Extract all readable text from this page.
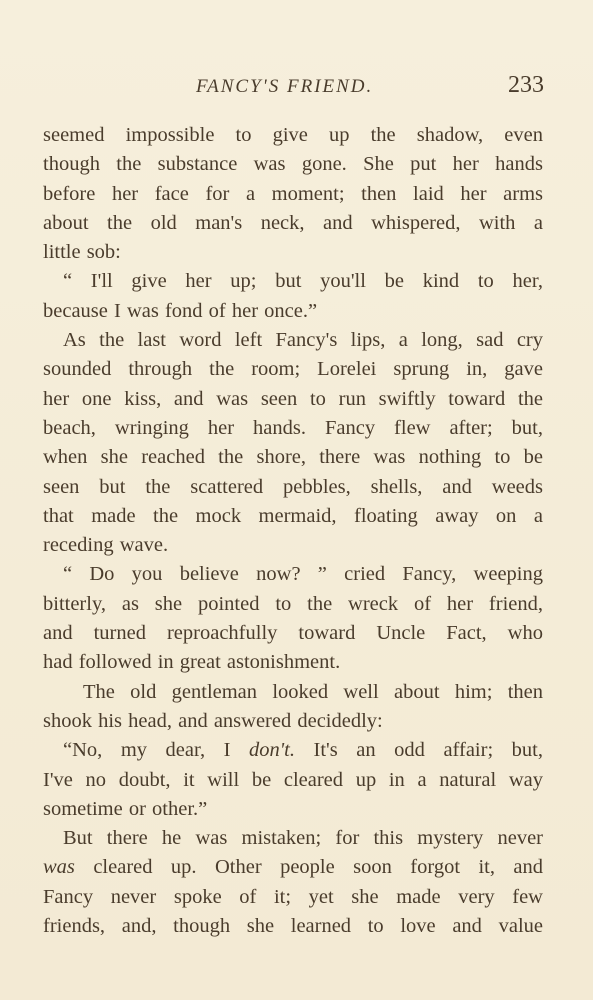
FANCY'S FRIEND.	233
seemed impossible to give up the shadow, even
though the substance was gone. She put her hands
before her face for a moment; then laid her arms
about the old man's neck, and whispered, with a
little sob:
“ I'll give her up; but you'll be kind to her,
because I was fond of her once.”
As the last word left Fancy's lips, a long, sad cry
sounded through the room; Lorelei sprung in, gave
her one kiss, and was seen to run swiftly toward the
beach, wringing her hands. Fancy flew after; but,
when she reached the shore, there was nothing to be
seen but the scattered pebbles, shells, and weeds
that made the mock mermaid, floating away on a
receding wave.
“ Do you believe now? ” cried Fancy, weeping
bitterly, as she pointed to the wreck of her friend,
and turned reproachfully toward Uncle Fact, who
had followed in great astonishment.
The old gentleman looked well about him; then
shook his head, and answered decidedly:
“No, my dear, I don't. It's an odd affair; but,
I've no doubt, it will be cleared up in a natural way
sometime or other.”
But there he was mistaken; for this mystery never
was cleared up. Other people soon forgot it, and
Fancy never spoke of it; yet she made very few
friends, and, though she learned to love and value
